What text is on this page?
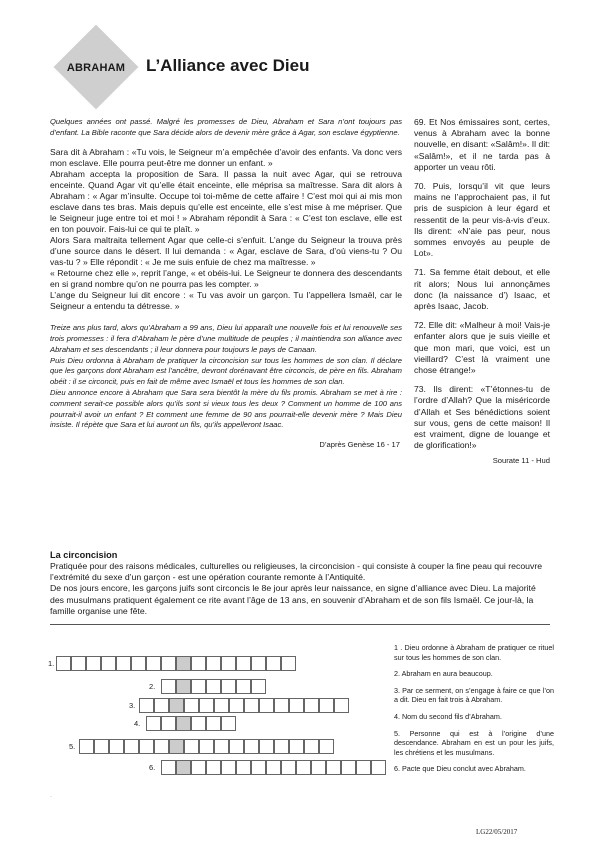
ABRAHAM	L’Alliance avec Dieu

Quelques années ont passé. Malgré les promesses de Dieu, Abraham et Sara n’ont toujours pas d’enfant. La Bible raconte que Sara décide alors de devenir mère grâce à Agar, son esclave égyptienne.

Sara dit à Abraham : «Tu vois, le Seigneur m’a empêchée d’avoir des enfants. Va donc vers mon esclave. Elle pourra peut-être me donner un enfant. »

Abraham accepta la proposition de Sara. Il passa la nuit avec Agar, qui se retrouva enceinte. Quand Agar vit qu’elle était enceinte, elle méprisa sa maîtresse. Sara dit alors à Abraham : « Agar m’insulte. Occupe toi toi-même de cette affaire ! C’est moi qui ai mis mon esclave dans tes bras. Mais depuis qu’elle est enceinte, elle s’est mise à me mépriser. Que le Seigneur juge entre toi et moi ! » Abraham répondit à Sara : « C’est ton esclave, elle est en ton pouvoir. Fais-lui ce qui te plaît. »

Alors Sara maltraita tellement Agar que celle-ci s’enfuit. L’ange du Seigneur la trouva près d’une source dans le désert. Il lui demanda : « Agar, esclave de Sara, d’où viens-tu ? Ou vas-tu ? » Elle répondit : « Je me suis enfuie de chez ma maîtresse. »

« Retourne chez elle », reprit l’ange, « et obéis-lui. Le Seigneur te donnera des descendants en si grand nombre qu’on ne pourra pas les compter. »

L’ange du Seigneur lui dit encore : « Tu vas avoir un garçon. Tu l’appellera Ismaël, car le Seigneur a entendu ta détresse. »

Treize ans plus tard, alors qu’Abraham a 99 ans, Dieu lui apparaît une nouvelle fois et lui renouvelle ses trois promesses : il fera d’Abraham le père d’une multitude de peuples ; il maintiendra son alliance avec Abraham et ses descendants ; il leur donnera pour toujours le pays de Canaan.

Puis Dieu ordonna à Abraham de pratiquer la circoncision sur tous les hommes de son clan. Il déclare que les garçons dont Abraham est l’ancêtre, devront dorénavant être circoncis, de père en fils. Abraham obéit : il se circoncit, puis en fait de même avec Ismaël et tous les hommes de son clan.

Dieu annonce encore à Abraham que Sara sera bientôt la mère du fils promis. Abraham se met à rire : comment serait-ce possible alors qu’ils sont si vieux tous les deux ? Comment un homme de 100 ans pourrait-il avoir un enfant ? Et comment une femme de 90 ans pourrait-elle devenir mère ? Mais Dieu insiste. Il répète que Sara et lui auront un fils, qu’ils appelleront Isaac.

D’après Genèse 16 - 17

69. Et Nos émissaires sont, certes, venus à Abraham avec la bonne nouvelle, en disant: «Salâm!». Il dit: «Salâm!», et il ne tarda pas à apporter un veau rôti.

70. Puis, lorsqu’il vit que leurs mains ne l’approchaient pas, il fut pris de suspicion à leur égard et ressentit de la peur vis-à-vis d’eux. Ils dirent: «N’aie pas peur, nous sommes envoyés au peuple de Lot».

71. Sa femme était debout, et elle rit alors; Nous lui annonçâmes donc (la naissance d’) Isaac, et après Isaac, Jacob.

72. Elle dit: «Malheur à moi! Vais-je enfanter alors que je suis vieille et que mon mari, que voici, est un vieillard? C’est là vraiment une chose étrange!»

73. Ils dirent: «T’étonnes-tu de l’ordre d’Allah? Que la miséricorde d’Allah et Ses bénédictions soient sur vous, gens de cette maison! Il est vraiment, digne de louange et de glorification!»

Sourate 11 - Hud
La circoncision

Pratiquée pour des raisons médicales, culturelles ou religieuses, la circoncision - qui consiste à couper la fine peau qui recouvre l’extrémité du sexe d’un garçon - est une opération courante remonte à l’Antiquité.

De nos jours encore, les garçons juifs sont circoncis le 8e jour après leur naissance, en signe d’alliance avec Dieu. La majorité des musulmans pratiquent également ce rite avant l’âge de 13 ans, en souvenir d’Abraham et de son fils Ismaël. Ce jour-là, la famille organise une fête.

1.
2.
3.
4.
5.
6.

1 . Dieu ordonne à Abraham de pratiquer ce rituel sur tous les hommes de son clan.

2. Abraham en aura beaucoup.

3. Par ce serment, on s’engage à faire ce que l’on a dit. Dieu en fait trois à Abraham.

4. Nom du second fils d’Abraham.

5. Personne qui est à l’origine d’une descendance. Abraham en est un pour les juifs, les chrétiens et les musulmans.

6. Pacte que Dieu conclut avec Abraham.

·
LG22/05/2017
